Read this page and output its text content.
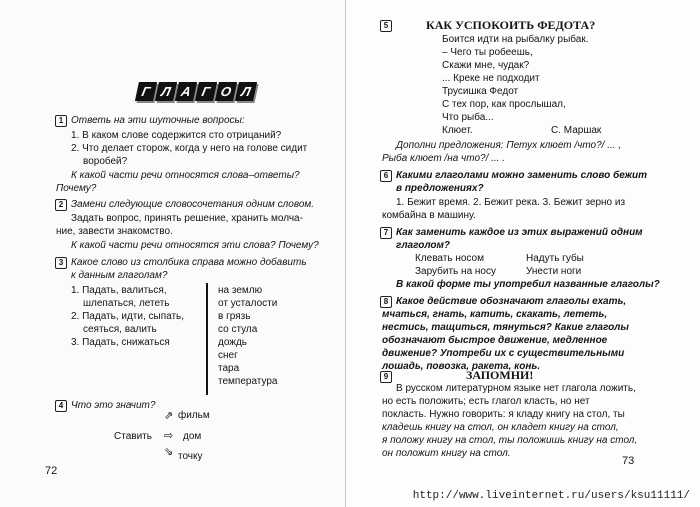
Г Л А Г О Л
1 Ответь на эти шуточные вопросы:
1. В каком слове содержится сто отрицаний?
2. Что делает сторож, когда у него на голове сидит
воробей?
К какой части речи относятся слова–ответы?
Почему?
2 Замени следующие словосочетания одним словом.
Задать вопрос, принять решение, хранить молча-
ние, завести знакомство.
К какой части речи относятся эти слова? Почему?
3 Какое слово из столбика справа можно добавить
к данным глаголам?
1. Падать, валиться,
шлепаться, лететь
2. Падать, идти, сыпать,
сеяться, валить
3. Падать, снижаться
на землю
от усталости
в грязь
со стула
дождь
снег
тара
температура
4 Что это значит?
⇗ фильм
Ставить ⇨ дом
⇘ точку
72
5	КАК УСПОКОИТЬ ФЕДОТА?
Боится идти на рыбалку рыбак.
– Чего ты робеешь,
Скажи мне, чудак?
... Креке не подходит
Трусишка Федот
С тех пор, как прослышал,
Что рыба...
Клюет.	С. Маршак
Дополни предложения: Петух клюет /что?/ ... ,
Рыба клюет /на что?/ ... .
6 Какими глаголами можно заменить слово бежит
в предложениях?
1. Бежит время. 2. Бежит река. 3. Бежит зерно из
комбайна в машину.
7 Как заменить каждое из этих выражений одним
глаголом?
Клевать носом	Надуть губы
Зарубить на носу	Унести ноги
В какой форме ты употребил названные глаголы?
8 Какое действие обозначают глаголы ехать,
мчаться, гнать, катить, скакать, лететь,
нестись, тащиться, тянуться? Какие глаголы
обозначают быстрое движение, медленное
движение? Употреби их с существительными
лошадь, повозка, ракета, конь.
9	ЗАПОМНИ!
В русском литературном языке нет глагола ложить,
но есть положить; есть глагол класть, но нет
покласть. Нужно говорить: я кладу книгу на стол, ты
кладешь книгу на стол, он кладет книгу на стол,
я положу книгу на стол, ты положишь книгу на стол,
он положит книгу на стол.
73
http://www.liveinternet.ru/users/ksu11111/
